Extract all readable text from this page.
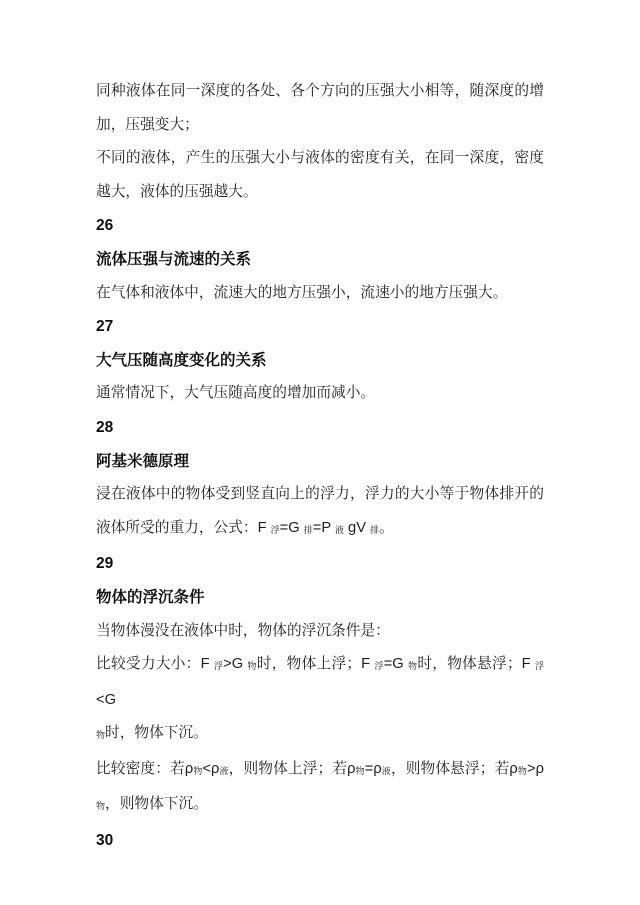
同种液体在同一深度的各处、各个方向的压强大小相等，随深度的增
加，压强变大；
不同的液体，产生的压强大小与液体的密度有关，在同一深度，密度
越大，液体的压强越大。
26
流体压强与流速的关系
在气体和液体中，流速大的地方压强小，流速小的地方压强大。
27
大气压随高度变化的关系
通常情况下，大气压随高度的增加而减小。
28
阿基米德原理
浸在液体中的物体受到竖直向上的浮力，浮力的大小等于物体排开的
液体所受的重力，公式：F 浮=G 排=P 液 gV 排。
29
物体的浮沉条件
当物体漫没在液体中时，物体的浮沉条件是：
比较受力大小：F 浮>G 物时，物体上浮；F 浮=G 物时，物体悬浮；F 浮<G
物时，物体下沉。
比较密度：若ρ物<ρ液，则物体上浮；若ρ物=ρ液，则物体悬浮；若ρ物>ρ
物，则物体下沉。
30
